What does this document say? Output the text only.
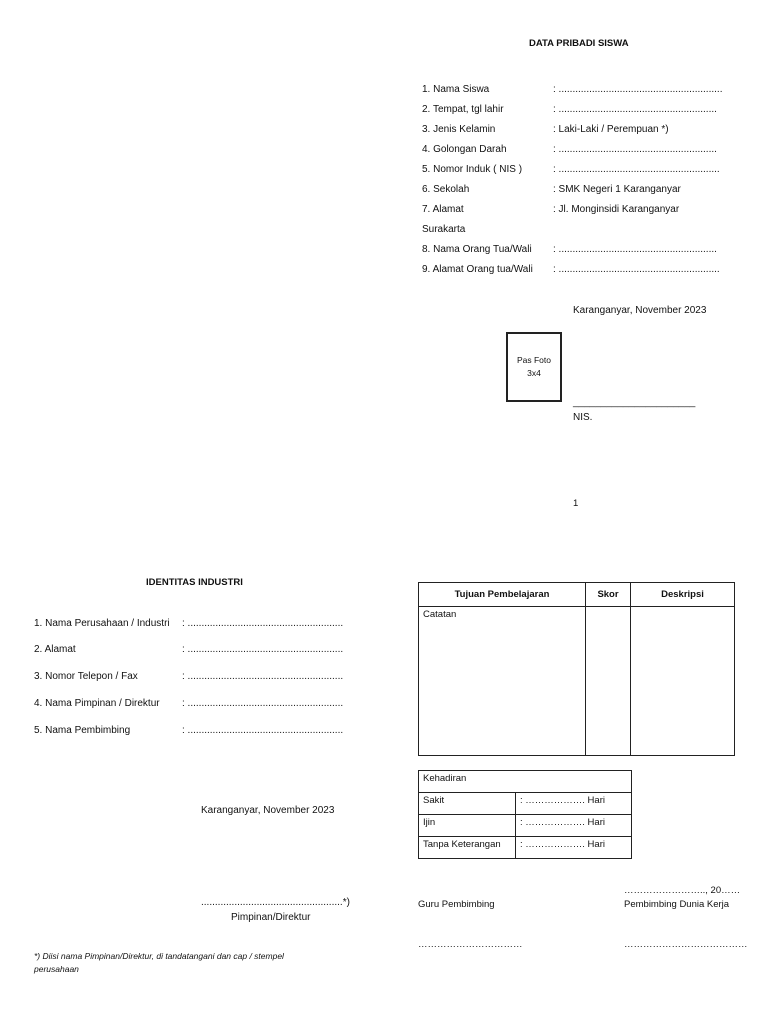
DATA PRIBADI SISWA
1. Nama Siswa	: ...........................................................
2. Tempat, tgl lahir	: .........................................................
3. Jenis Kelamin	: Laki-Laki / Perempuan *)
4. Golongan Darah	: .........................................................
5. Nomor Induk ( NIS )	: ..........................................................
6. Sekolah	: SMK Negeri 1 Karanganyar
7. Alamat	: Jl. Monginsidi Karanganyar
Surakarta
8. Nama Orang Tua/Wali : .........................................................
9. Alamat Orang tua/Wali : ..........................................................
Karanganyar, November 2023
Pas Foto
3x4
______________________
NIS.
1
IDENTITAS INDUSTRI
1. Nama Perusahaan / Industri : ........................................................
2. Alamat	: ........................................................
3. Nomor Telepon / Fax	: ........................................................
4. Nama Pimpinan / Direktur : ........................................................
5. Nama Pembimbing	: ........................................................
Karanganyar, November 2023
...................................................*)
Pimpinan/Direktur
*) Diisi nama Pimpinan/Direktur, di tandatangani dan cap / stempel
perusahaan
Tujuan Pembelajaran	Skor	Deskripsi
Catatan		
Kehadiran	
Sakit	: ………………. Hari
Ijin	: ………………. Hari
Tanpa Keterangan	: ………………. Hari
…………………….., 20……
Guru Pembimbing	Pembimbing Dunia Kerja
……………………………	…………………………………
